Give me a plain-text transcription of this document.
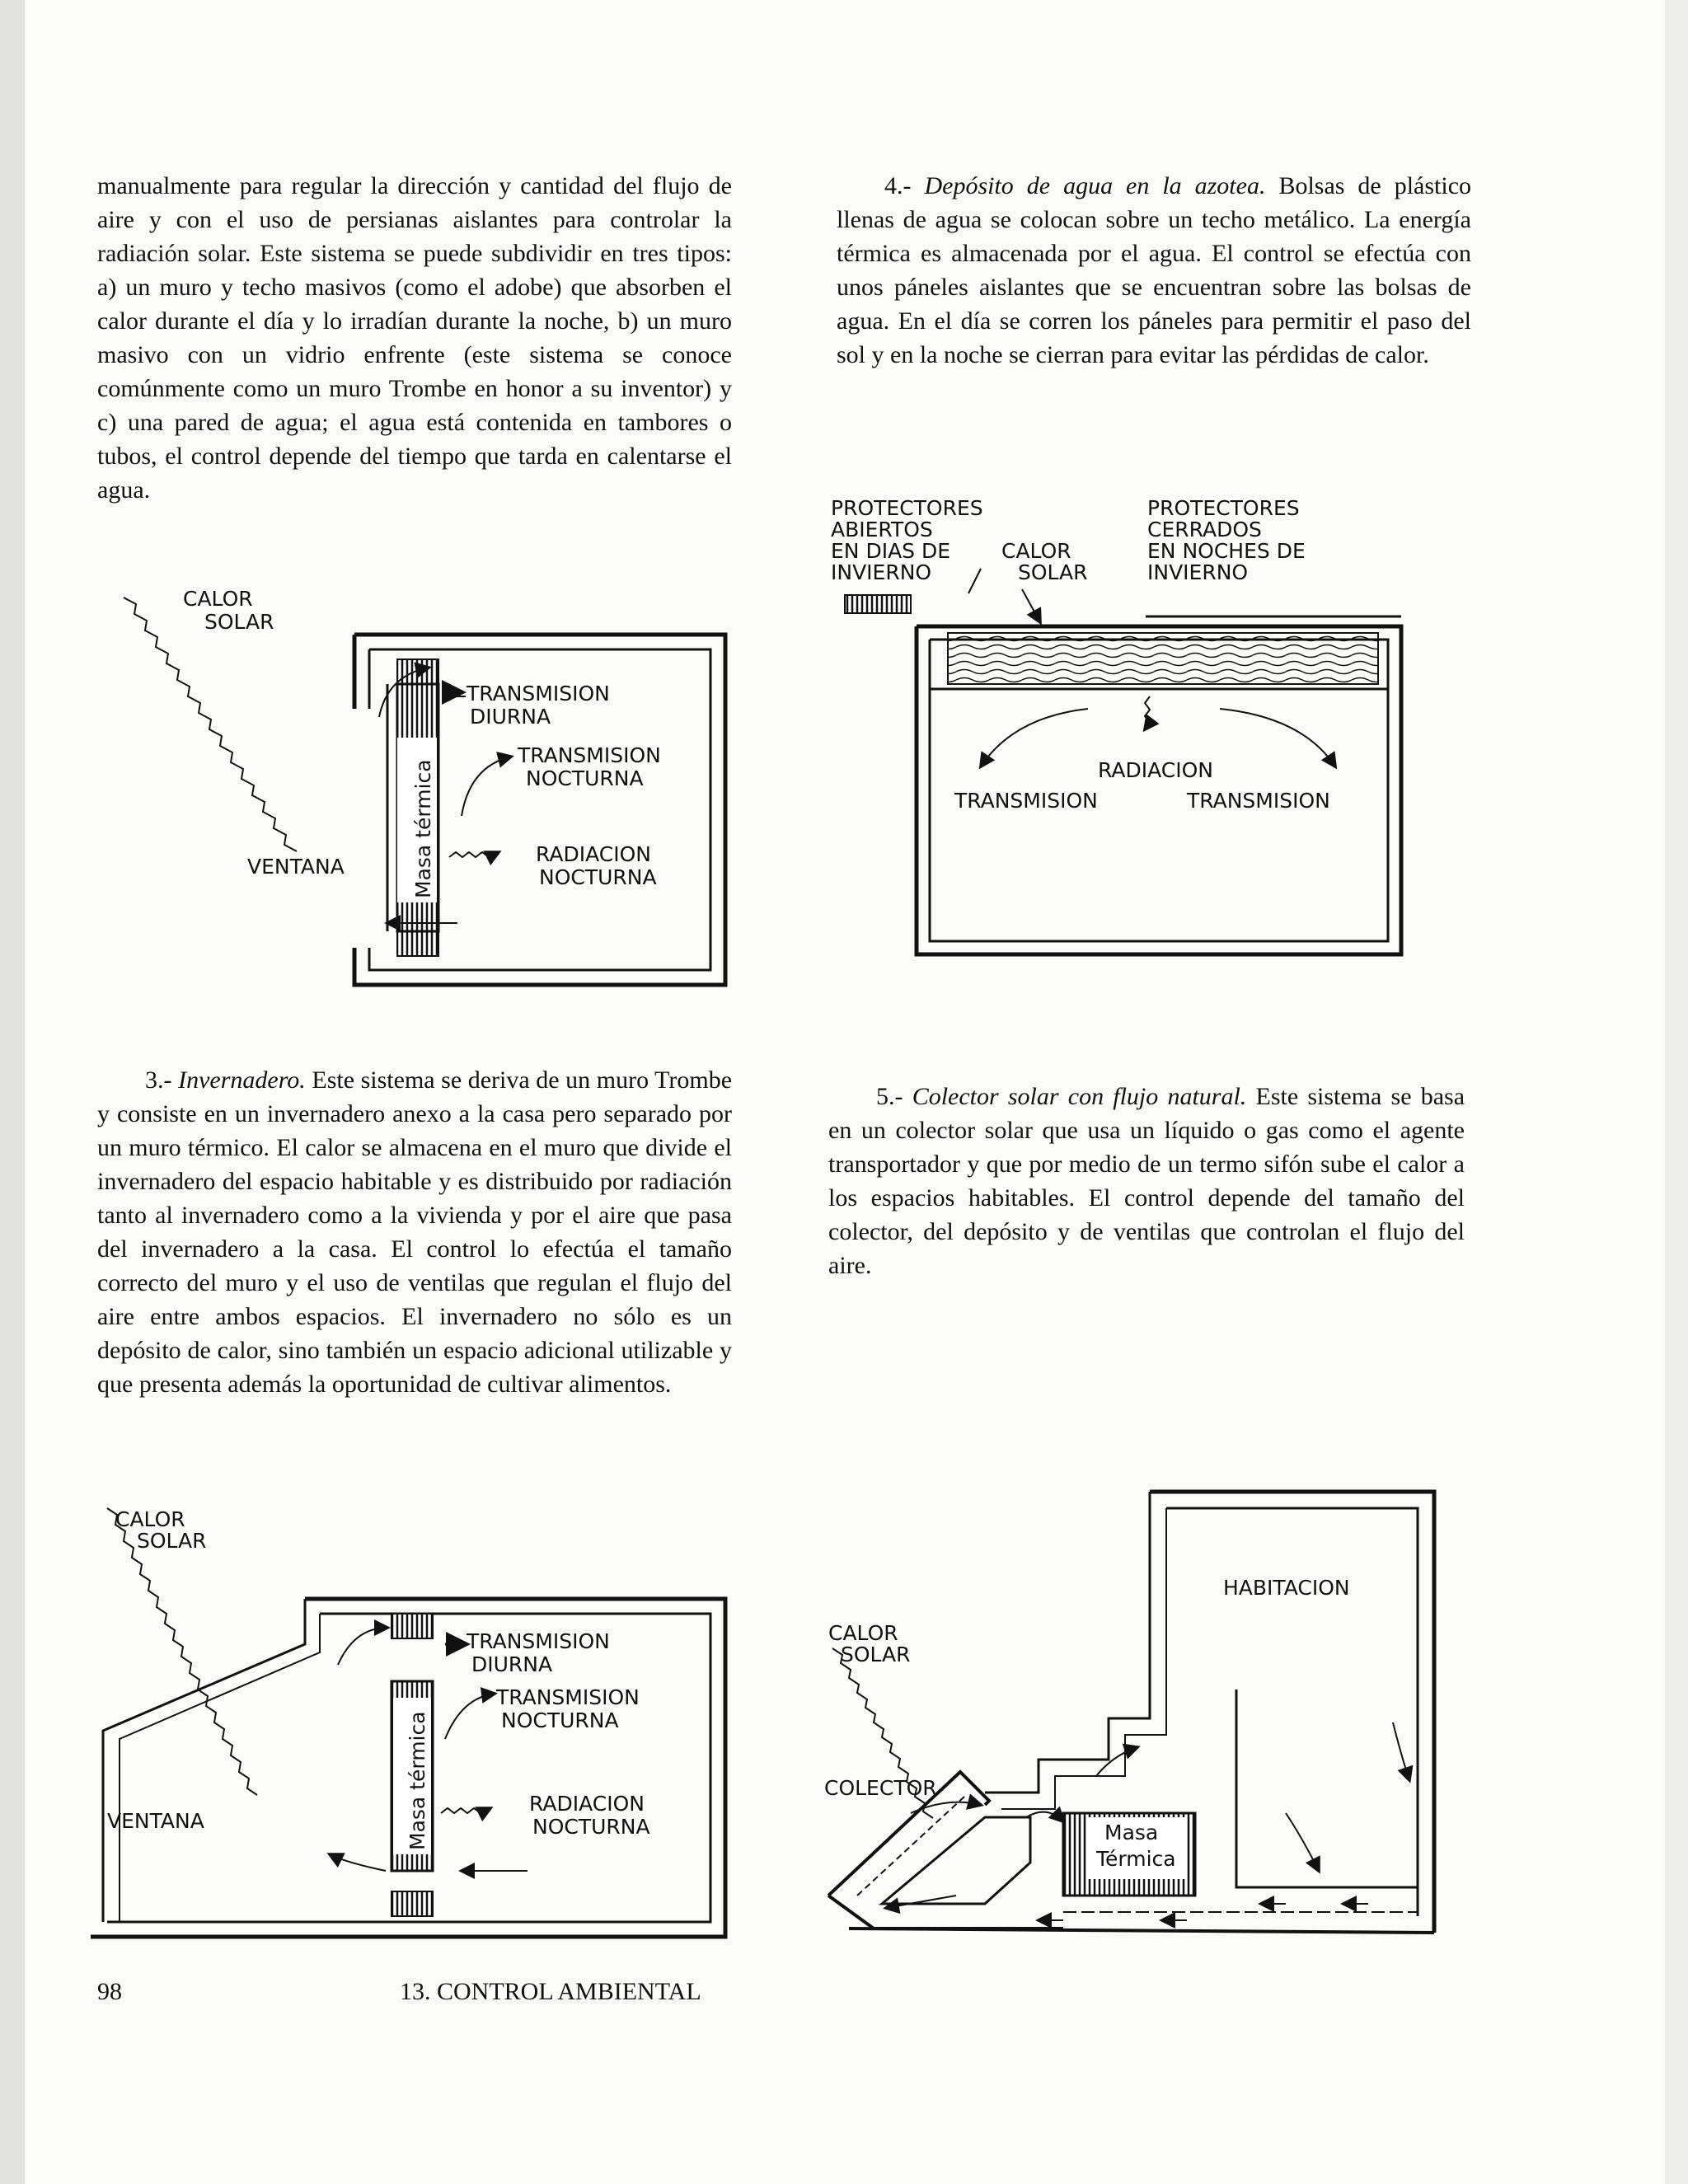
manualmente para regular la dirección y cantidad del flujo de aire y con el uso de persianas aislantes para controlar la radiación solar. Este sistema se puede subdividir en tres tipos: a) un muro y techo masivos (como el adobe) que absorben el calor durante el día y lo irradían durante la noche, b) un muro masivo con un vidrio enfrente (este sistema se conoce comúnmente como un muro Trombe en honor a su inventor) y c) una pared de agua; el agua está contenida en tambores o tubos, el control depende del tiempo que tarda en calentarse el agua.

3.- Invernadero. Este sistema se deriva de un muro Trombe y consiste en un invernadero anexo a la casa pero separado por un muro térmico. El calor se almacena en el muro que divide el invernadero del espacio habitable y es distribuido por radiación tanto al invernadero como a la vivienda y por el aire que pasa del invernadero a la casa. El control lo efectúa el tamaño correcto del muro y el uso de ventilas que regulan el flujo del aire entre ambos espacios. El invernadero no sólo es un depósito de calor, sino también un espacio adicional utilizable y que presenta además la oportunidad de cultivar alimentos.

4.- Depósito de agua en la azotea. Bolsas de plástico llenas de agua se colocan sobre un techo metálico. La energía térmica es almacenada por el agua. El control se efectúa con unos páneles aislantes que se encuentran sobre las bolsas de agua. En el día se corren los páneles para permitir el paso del sol y en la noche se cierran para evitar las pérdidas de calor.

5.- Colector solar con flujo natural. Este sistema se basa en un colector solar que usa un líquido o gas como el agente transportador y que por medio de un termo sifón sube el calor a los espacios habitables. El control depende del tamaño del colector, del depósito y de ventilas que controlan el flujo del aire.

CALOR
SOLAR
Masa térmica
TRANSMISION
DIURNA
TRANSMISION
NOCTURNA
RADIACION
NOCTURNA
VENTANA
CALOR
SOLAR
Masa térmica
TRANSMISION
DIURNA
TRANSMISION
NOCTURNA
RADIACION
NOCTURNA
VENTANA
PROTECTORES
ABIERTOS
EN DIAS DE
INVIERNO
CALOR
SOLAR
PROTECTORES
CERRADOS
EN NOCHES DE
INVIERNO
RADIACION
TRANSMISION	TRANSMISION
HABITACION
CALOR
SOLAR
COLECTOR
Masa
Térmica
98	13. CONTROL AMBIENTAL
